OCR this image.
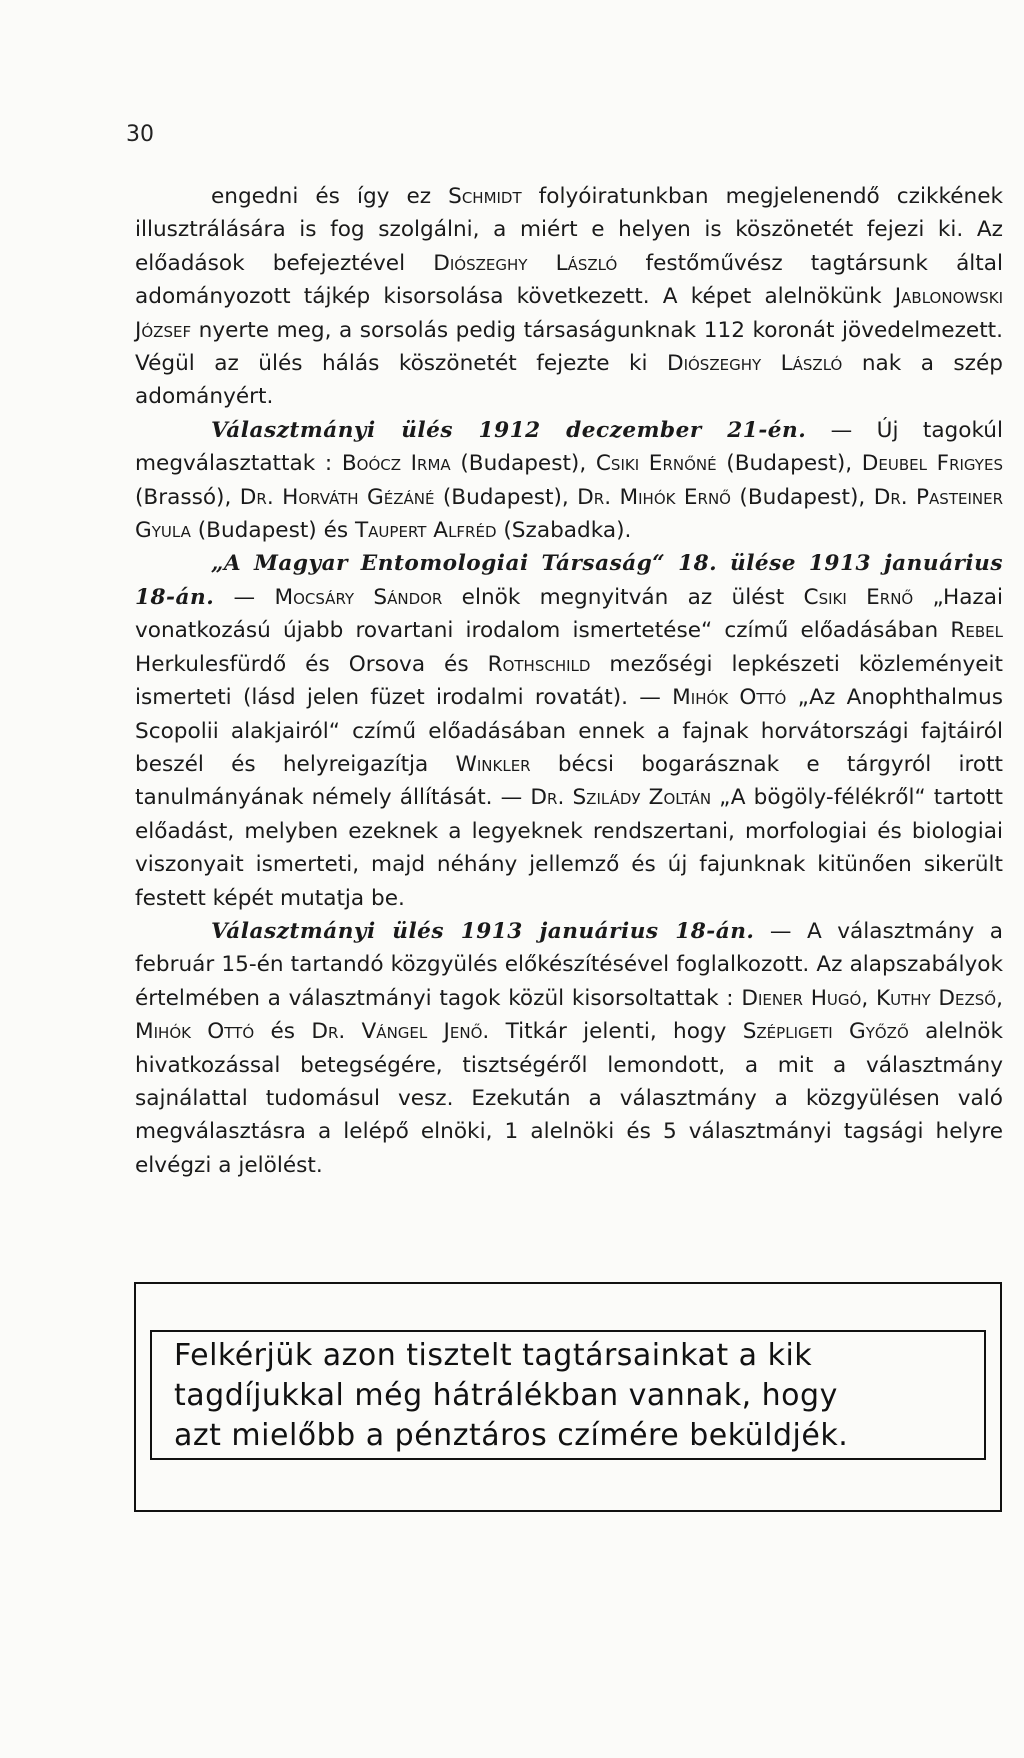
30

engedni és így ez Schmidt folyóiratunkban megjelenendő czikkének illusztrálására is fog szolgálni, a miért e helyen is köszönetét fejezi ki. Az előadások befejeztével Diószeghy László festőművész tagtársunk által adományozott tájkép kisorsolása következett. A képet alelnökünk Jablonowski József nyerte meg, a sorsolás pedig társaságunknak 112 koronát jövedelmezett. Végül az ülés hálás köszönetét fejezte ki Diószeghy László nak a szép adományért.

Választmányi ülés 1912 deczember 21-én. — Új tagokúl megválasztattak : Boócz Irma (Budapest), Csiki Ernőné (Budapest), Deubel Frigyes (Brassó), Dr. Horváth Gézáné (Budapest), Dr. Mihók Ernő (Budapest), Dr. Pasteiner Gyula (Budapest) és Taupert Alfréd (Szabadka).

„A Magyar Entomologiai Társaság“ 18. ülése 1913 januárius 18-án. — Mocsáry Sándor elnök megnyitván az ülést Csiki Ernő „Hazai vonatkozású újabb rovartani irodalom ismertetése“ czímű előadásában Rebel Herkulesfürdő és Orsova és Rothschild mezőségi lepkészeti közleményeit ismerteti (lásd jelen füzet irodalmi rovatát). — Mihók Ottó „Az Anophthalmus Scopolii alakjairól“ czímű előadásában ennek a fajnak horvátországi fajtáiról beszél és helyreigazítja Winkler bécsi bogarásznak e tárgyról irott tanulmányának némely állítását. — Dr. Sziládу Zoltán „A bögöly-félékről“ tartott előadást, melyben ezeknek a legyeknek rendszertani, morfologiai és biologiai viszonyait ismerteti, majd néhány jellemző és új fajunknak kitünően sikerült festett képét mutatja be.

Választmányi ülés 1913 januárius 18-án. — A választmány a február 15-én tartandó közgyülés előkészítésével foglalkozott. Az alapszabályok értelmében a választmányi tagok közül kisorsoltattak : Diener Hugó, Kuthy Dezső, Mihók Ottó és Dr. Vángel Jenő. Titkár jelenti, hogy Szépligeti Győző alelnök hivatkozással betegségére, tisztségéről lemondott, a mit a választmány sajnálattal tudomásul vesz. Ezekután a választmány a közgyülésen való megválasztásra a lelépő elnöki, 1 alelnöki és 5 választmányi tagsági helyre elvégzi a jelölést.

Felkérjük azon tisztelt tagtársainkat a kik
tagdíjukkal még hátrálékban vannak, hogy
azt mielőbb a pénztáros czímére beküldjék.
